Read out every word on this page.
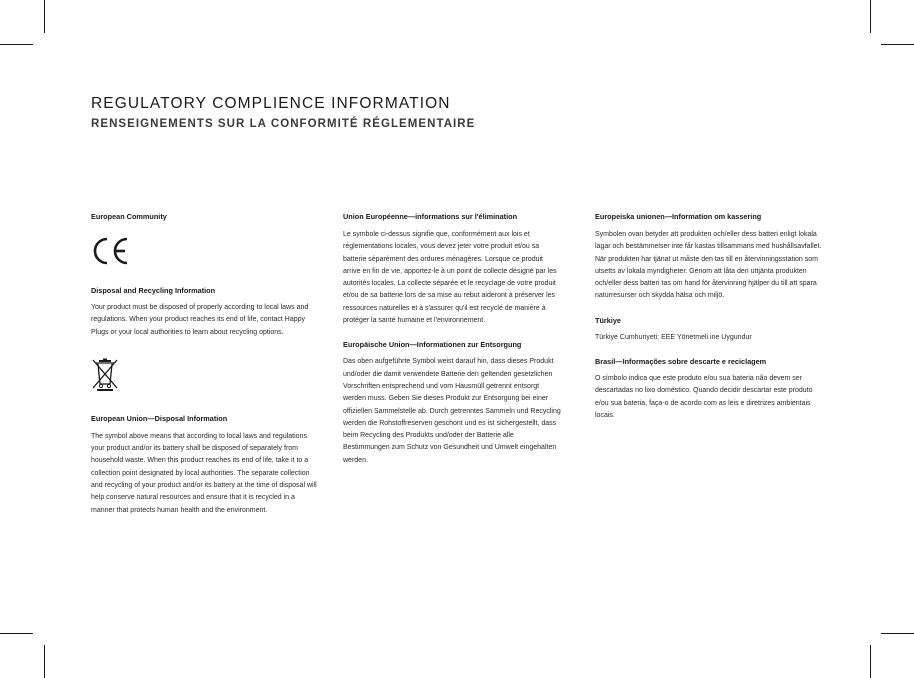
REGULATORY COMPLIENCE INFORMATION
RENSEIGNEMENTS SUR LA CONFORMITÉ RÉGLEMENTAIRE

European Community

Disposal and Recycling Information

Your product must be disposed of properly according to local laws and regulations. When your product reaches its end of life, contact Happy Plugs or your local authorities to learn about recycling options.

European Union—Disposal Information

The symbol above means that according to local laws and regulations your product and/or its battery shall be disposed of separately from household waste. When this product reaches its end of life, take it to a collection point designated by local authorities. The separate collection and recycling of your product and/or its battery at the time of disposal will help conserve natural resources and ensure that it is recycled in a manner that protects human health and the environment.

Union Européenne—informations sur l'élimination

Le symbole ci-dessus signifie que, conformément aux lois et réglementations locales, vous devez jeter votre produit et/ou sa batterie séparément des ordures ménagères. Lorsque ce produit arrive en fin de vie, apportez-le à un point de collecte désigné par les autorités locales. La collecte séparée et le recyclage de votre produit et/ou de sa batterie lors de sa mise au rebut aideront à préserver les ressources naturelles et à s'assurer qu'il est recyclé de manière à protéger la santé humaine et l'environnement.

Europäische Union—Informationen zur Entsorgung

Das oben aufgeführte Symbol weist darauf hin, dass dieses Produkt und/oder die damit verwendete Batterie den geltenden gesetzlichen Vorschriften entsprechend und vom Hausmüll getrennt entsorgt werden muss. Geben Sie dieses Produkt zur Entsorgung bei einer offiziellen Sammelstelle ab. Durch getrenntes Sammeln und Recycling werden die Rohstoffreserven geschont und es ist sichergestellt, dass beim Recycling des Produkts und/oder der Batterie alle Bestimmungen zum Schutz von Gesundheit und Umwelt eingehalten werden.

Europeiska unionen—Information om kassering

Symbolen ovan betyder att produkten och/eller dess batteri enligt lokala lagar och bestämmelser inte får kastas tillsammans med hushållsavfallet. När produkten har tjänat ut måste den tas till en återvinningsstation som utsetts av lokala myndigheter. Genom att låta den uttjänta produkten och/eller dess batteri tas om hand för återvinning hjälper du till att spara naturresurser och skydda hälsa och miljö.

Türkiye

Türkiye Cumhuriyeti: EEE Yönetmeli ine Uygundur

Brasil—Informações sobre descarte e reciclagem

O símbolo indica que este produto e/ou sua bateria não devem ser descartadas no lixo doméstico. Quando decidir descartar este produto e/ou sua bateria, faça-o de acordo com as leis e diretrizes ambientais locais.
